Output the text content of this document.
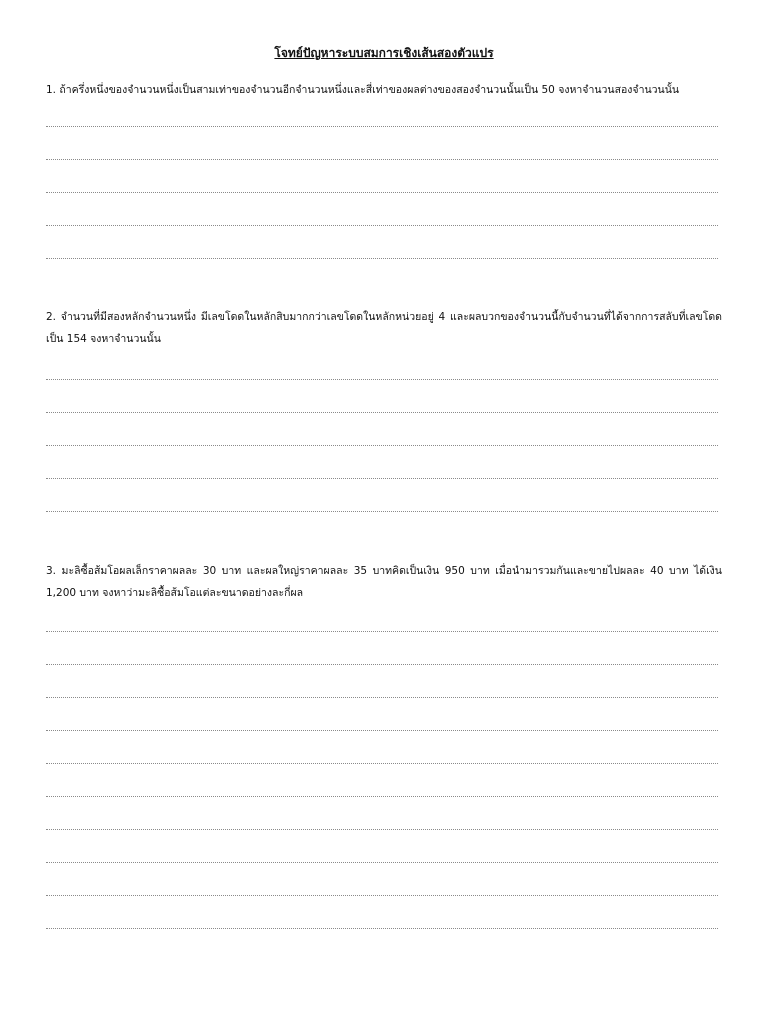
โจทย์ปัญหาระบบสมการเชิงเส้นสองตัวแปร
1. ถ้าครึ่งหนึ่งของจำนวนหนึ่งเป็นสามเท่าของจำนวนอีกจำนวนหนึ่งและสี่เท่าของผลต่างของสองจำนวนนั้นเป็น 50 จงหาจำนวนสองจำนวนนั้น
2. จำนวนที่มีสองหลักจำนวนหนึ่ง มีเลขโดดในหลักสิบมากกว่าเลขโดดในหลักหน่วยอยู่ 4 และผลบวกของจำนวนนี้กับจำนวนที่ได้จากการสลับที่เลขโดดเป็น 154 จงหาจำนวนนั้น
3. มะลิซื้อส้มโอผลเล็กราคาผลละ 30 บาท และผลใหญ่ราคาผลละ 35 บาทคิดเป็นเงิน 950 บาท เมื่อนำมารวมกันและขายไปผลละ 40 บาท ได้เงิน 1,200 บาท จงหาว่ามะลิซื้อส้มโอแต่ละขนาดอย่างละกี่ผล
